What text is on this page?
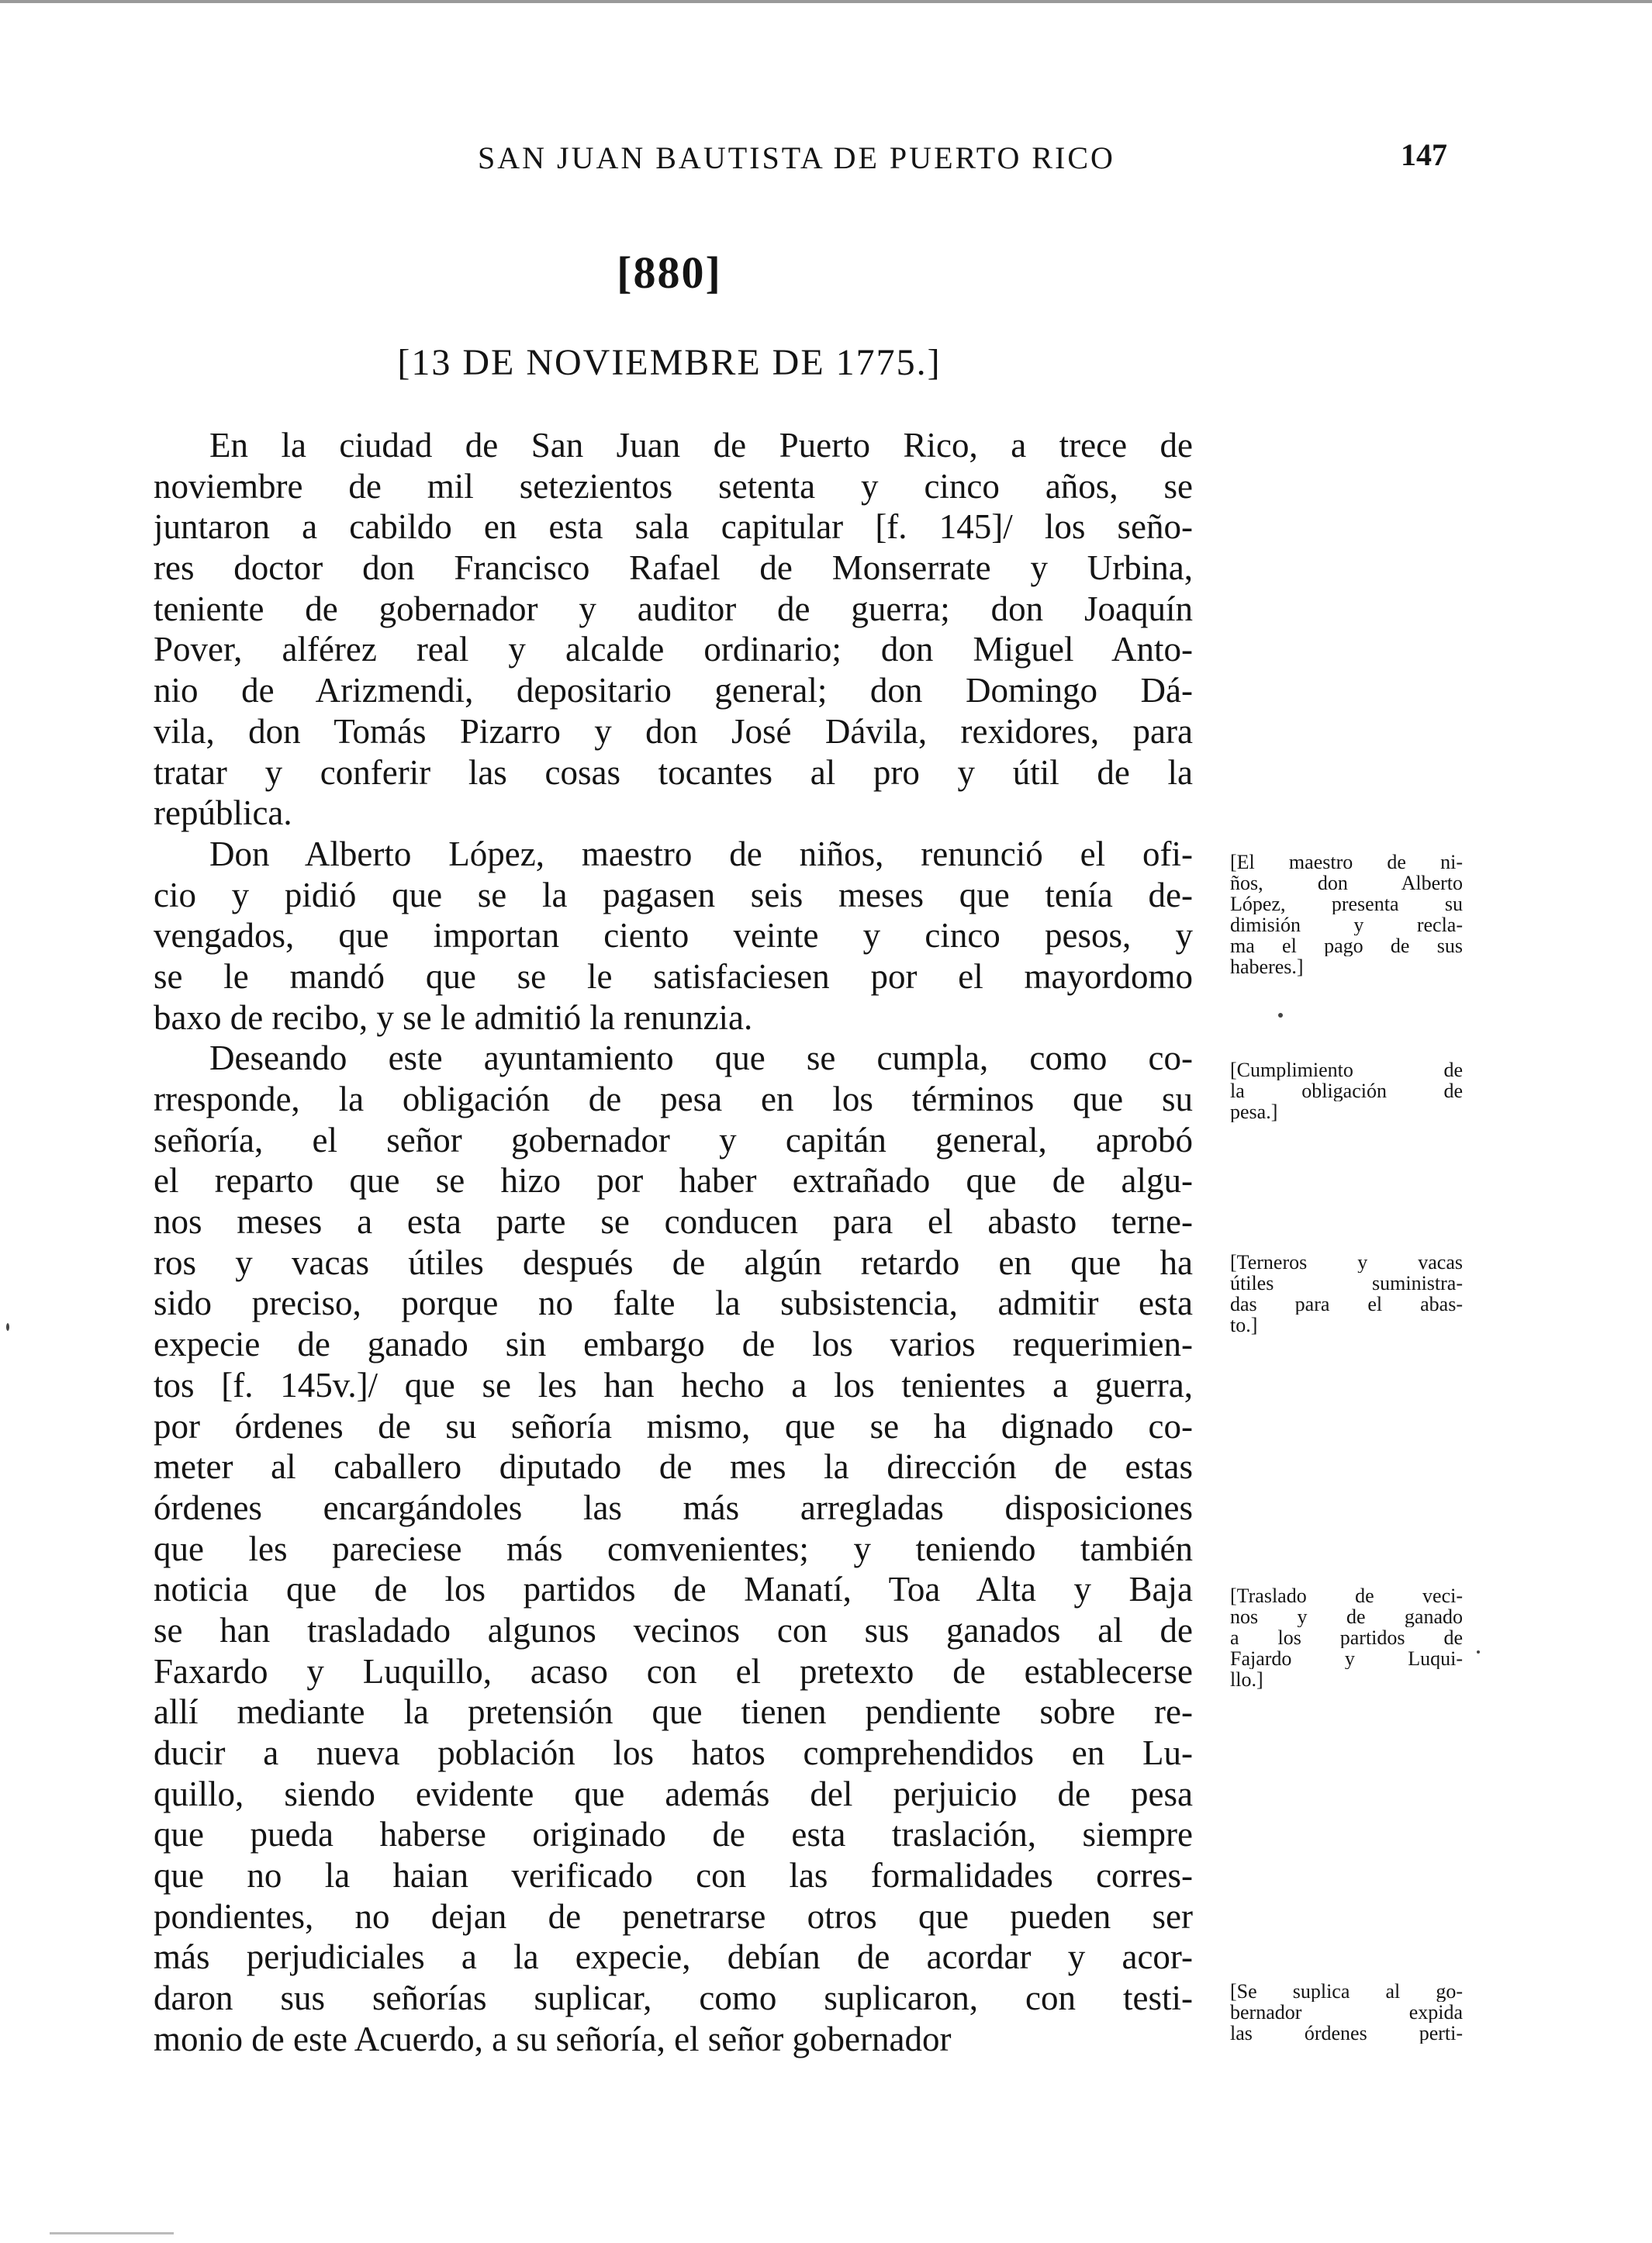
SAN JUAN BAUTISTA DE PUERTO RICO	147
[880]
[13 DE NOVIEMBRE DE 1775.]
En la ciudad de San Juan de Puerto Rico, a trece de
noviembre de mil setezientos setenta y cinco años, se
juntaron a cabildo en esta sala capitular [f. 145]/ los seño-
res doctor don Francisco Rafael de Monserrate y Urbina,
teniente de gobernador y auditor de guerra; don Joaquín
Pover, alférez real y alcalde ordinario; don Miguel Anto-
nio de Arizmendi, depositario general; don Domingo Dá-
vila, don Tomás Pizarro y don José Dávila, rexidores, para
tratar y conferir las cosas tocantes al pro y útil de la
república.
Don Alberto López, maestro de niños, renunció el ofi-
cio y pidió que se la pagasen seis meses que tenía de-
vengados, que importan ciento veinte y cinco pesos, y
se le mandó que se le satisfaciesen por el mayordomo
baxo de recibo, y se le admitió la renunzia.
Deseando este ayuntamiento que se cumpla, como co-
rresponde, la obligación de pesa en los términos que su
señoría, el señor gobernador y capitán general, aprobó
el reparto que se hizo por haber extrañado que de algu-
nos meses a esta parte se conducen para el abasto terne-
ros y vacas útiles después de algún retardo en que ha
sido preciso, porque no falte la subsistencia, admitir esta
expecie de ganado sin embargo de los varios requerimien-
tos [f. 145v.]/ que se les han hecho a los tenientes a guerra,
por órdenes de su señoría mismo, que se ha dignado co-
meter al caballero diputado de mes la dirección de estas
órdenes encargándoles las más arregladas disposiciones
que les pareciese más comvenientes; y teniendo también
noticia que de los partidos de Manatí, Toa Alta y Baja
se han trasladado algunos vecinos con sus ganados al de
Faxardo y Luquillo, acaso con el pretexto de establecerse
allí mediante la pretensión que tienen pendiente sobre re-
ducir a nueva población los hatos comprehendidos en Lu-
quillo, siendo evidente que además del perjuicio de pesa
que pueda haberse originado de esta traslación, siempre
que no la haian verificado con las formalidades corres-
pondientes, no dejan de penetrarse otros que pueden ser
más perjudiciales a la expecie, debían de acordar y acor-
daron sus señorías suplicar, como suplicaron, con testi-
monio de este Acuerdo, a su señoría, el señor gobernador
[El maestro de ni-
ños, don Alberto
López, presenta su
dimisión y recla-
ma el pago de sus
haberes.]
[Cumplimiento de
la obligación de
pesa.]
[Terneros y vacas
útiles suministra-
das para el abas-
to.]
[Traslado de veci-
nos y de ganado
a los partidos de
Fajardo y Luqui-
llo.]
[Se suplica al go-
bernador expida
las órdenes perti-
